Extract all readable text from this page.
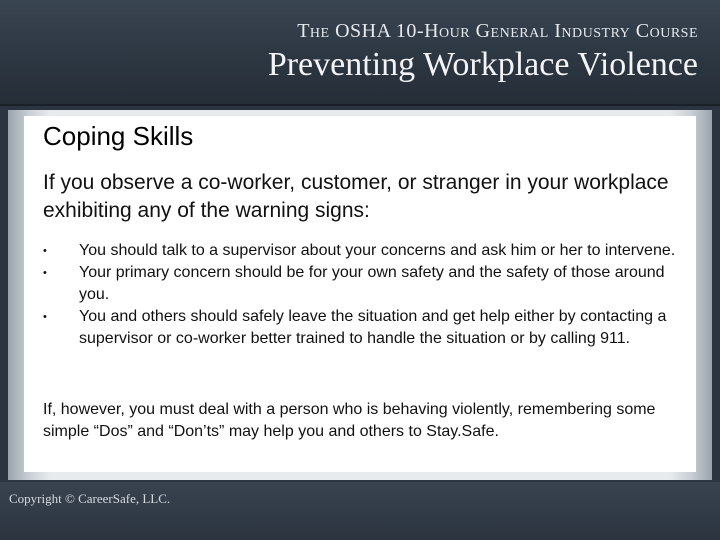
The OSHA 10-Hour General Industry Course
Preventing Workplace Violence
Coping Skills
If you observe a co-worker, customer, or stranger in your workplace exhibiting any of the warning signs:
• You should talk to a supervisor about your concerns and ask him or her to intervene.
• Your primary concern should be for your own safety and the safety of those around you.
• You and others should safely leave the situation and get help either by contacting a supervisor or co-worker better trained to handle the situation or by calling 911.
If, however, you must deal with a person who is behaving violently, remembering some simple “Dos” and “Don’ts” may help you and others to Stay.Safe.
Copyright © CareerSafe, LLC.
